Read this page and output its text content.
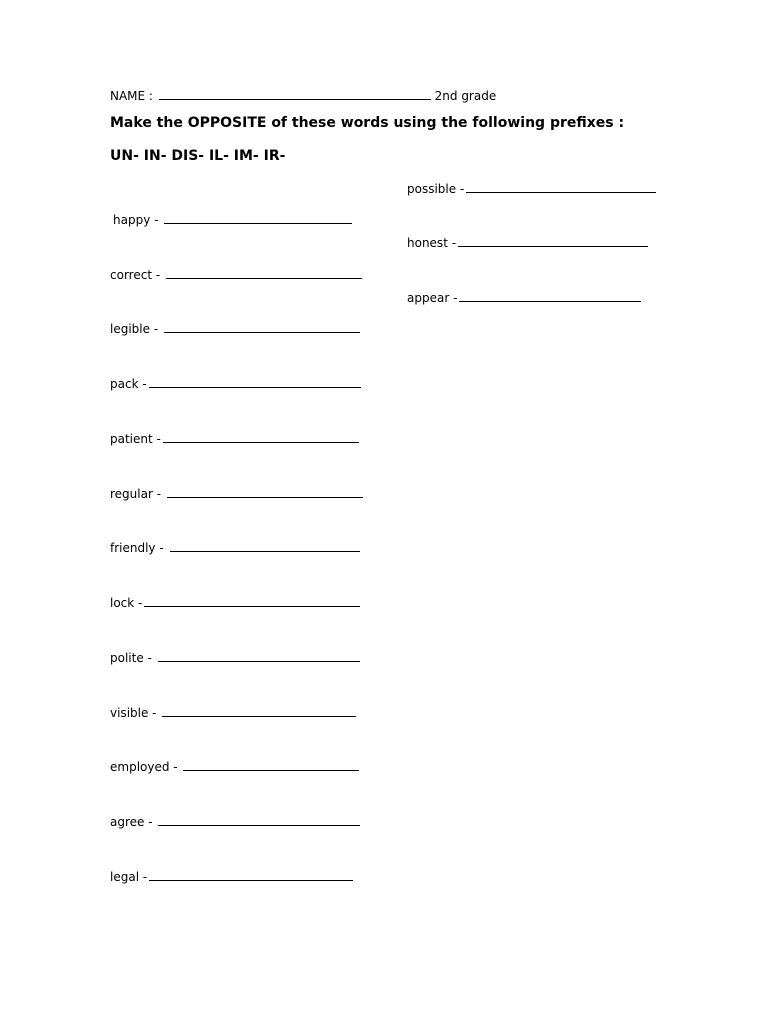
NAME :	2nd grade
Make the OPPOSITE of these words using the following prefixes :
UN- IN- DIS- IL- IM- IR-
possible -
honest -
appear -
happy -
correct -
legible -
pack -
patient -
regular -
friendly -
lock -
polite -
visible -
employed -
agree -
legal -
